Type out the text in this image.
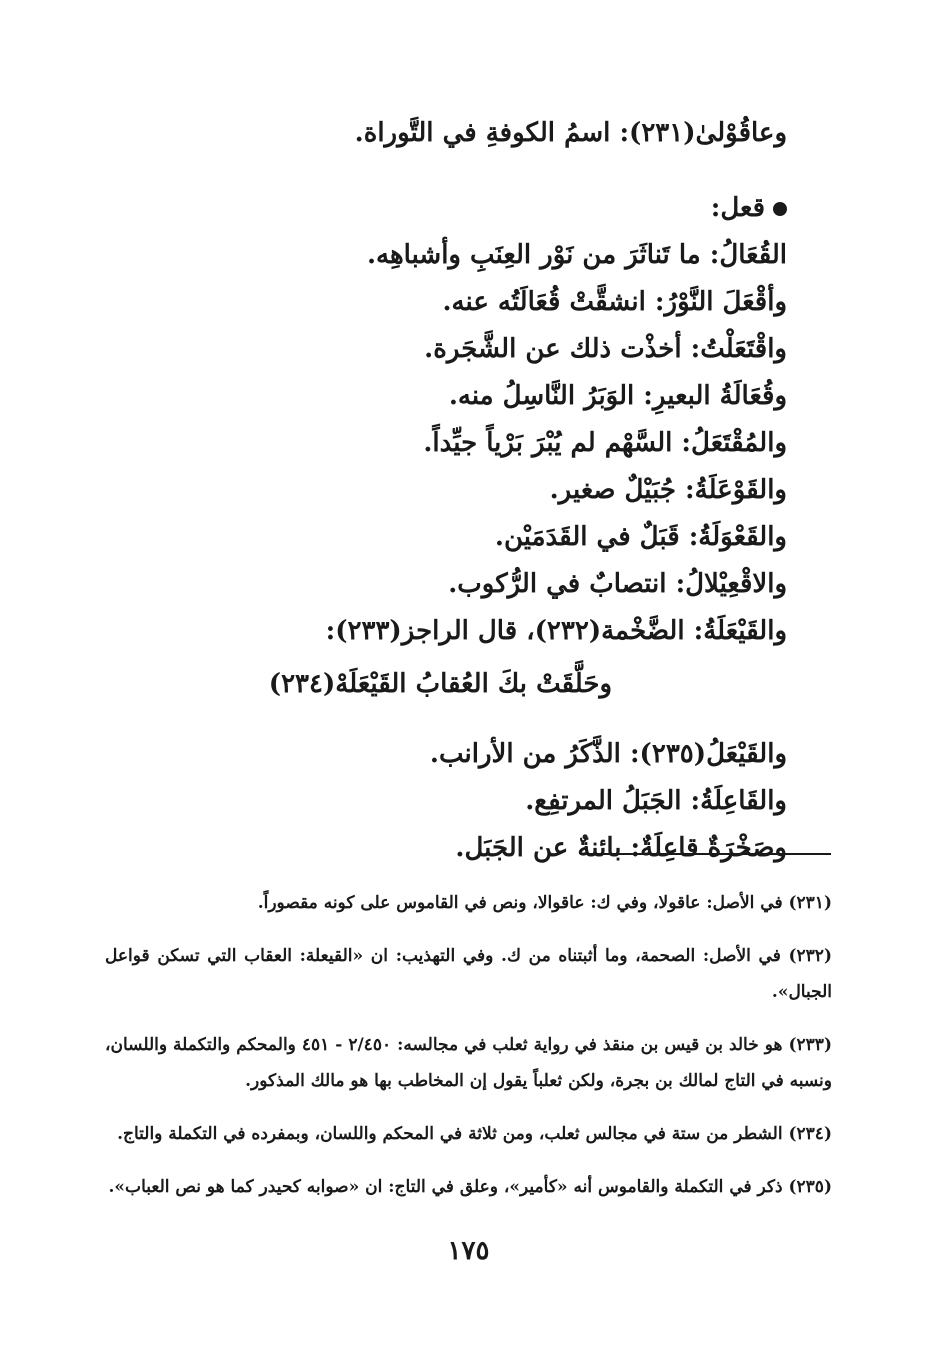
وعاقُوْلىٰ(٢٣١): اسمُ الكوفةِ في التَّوراة.
قعل:
القُعَالُ: ما تَناثَرَ من نَوْر العِنَبِ وأشباهِه.
وأقْعَلَ النَّوْرُ: انشقَّتْ قُعَالَتُه عنه.
واقْتَعَلْتُ: أخذْت ذلك عن الشَّجَرة.
وقُعَالَةُ البعيرِ: الوَبَرُ النَّاسِلُ منه.
والمُقْتَعَلُ: السَّهْم لم يُبْرَ بَرْياً جيِّداً.
والقَوْعَلَةُ: جُبَيْلٌ صغير.
والقَعْوَلَةُ: قَبَلٌ في القَدَمَيْن.
والاقْعِيْلالُ: انتصابٌ في الرُّكوب.
والقَيْعَلَةُ: الضَّخْمة(٢٣٢)، قال الراجز(٢٣٣):
وحَلَّقَتْ بكَ العُقابُ القَيْعَلَهْ(٢٣٤)
والقَيْعَلُ(٢٣٥): الذَّكَرُ من الأرانب.
والقَاعِلَةُ: الجَبَلُ المرتفِع.
وصَخْرَةٌ قاعِلَةٌ: بائنةٌ عن الجَبَل.

(٢٣١) في الأصل: عاقولا، وفي ك: عاقوالا، ونص في القاموس على كونه مقصوراً.

(٢٣٢) في الأصل: الصحمة، وما أثبتناه من ك. وفي التهذيب: ان «القيعلة: العقاب التي تسكن قواعل الجبال».

(٢٣٣) هو خالد بن قيس بن منقذ في رواية ثعلب في مجالسه: ٢/٤٥٠ - ٤٥١ والمحكم والتكملة واللسان، ونسبه في التاج لمالك بن بجرة، ولكن ثعلباً يقول إن المخاطب بها هو مالك المذكور.

(٢٣٤) الشطر من ستة في مجالس ثعلب، ومن ثلاثة في المحكم واللسان، وبمفرده في التكملة والتاج.

(٢٣٥) ذكر في التكملة والقاموس أنه «كأمير»، وعلق في التاج: ان «صوابه كحيدر كما هو نص العباب».

١٧٥
